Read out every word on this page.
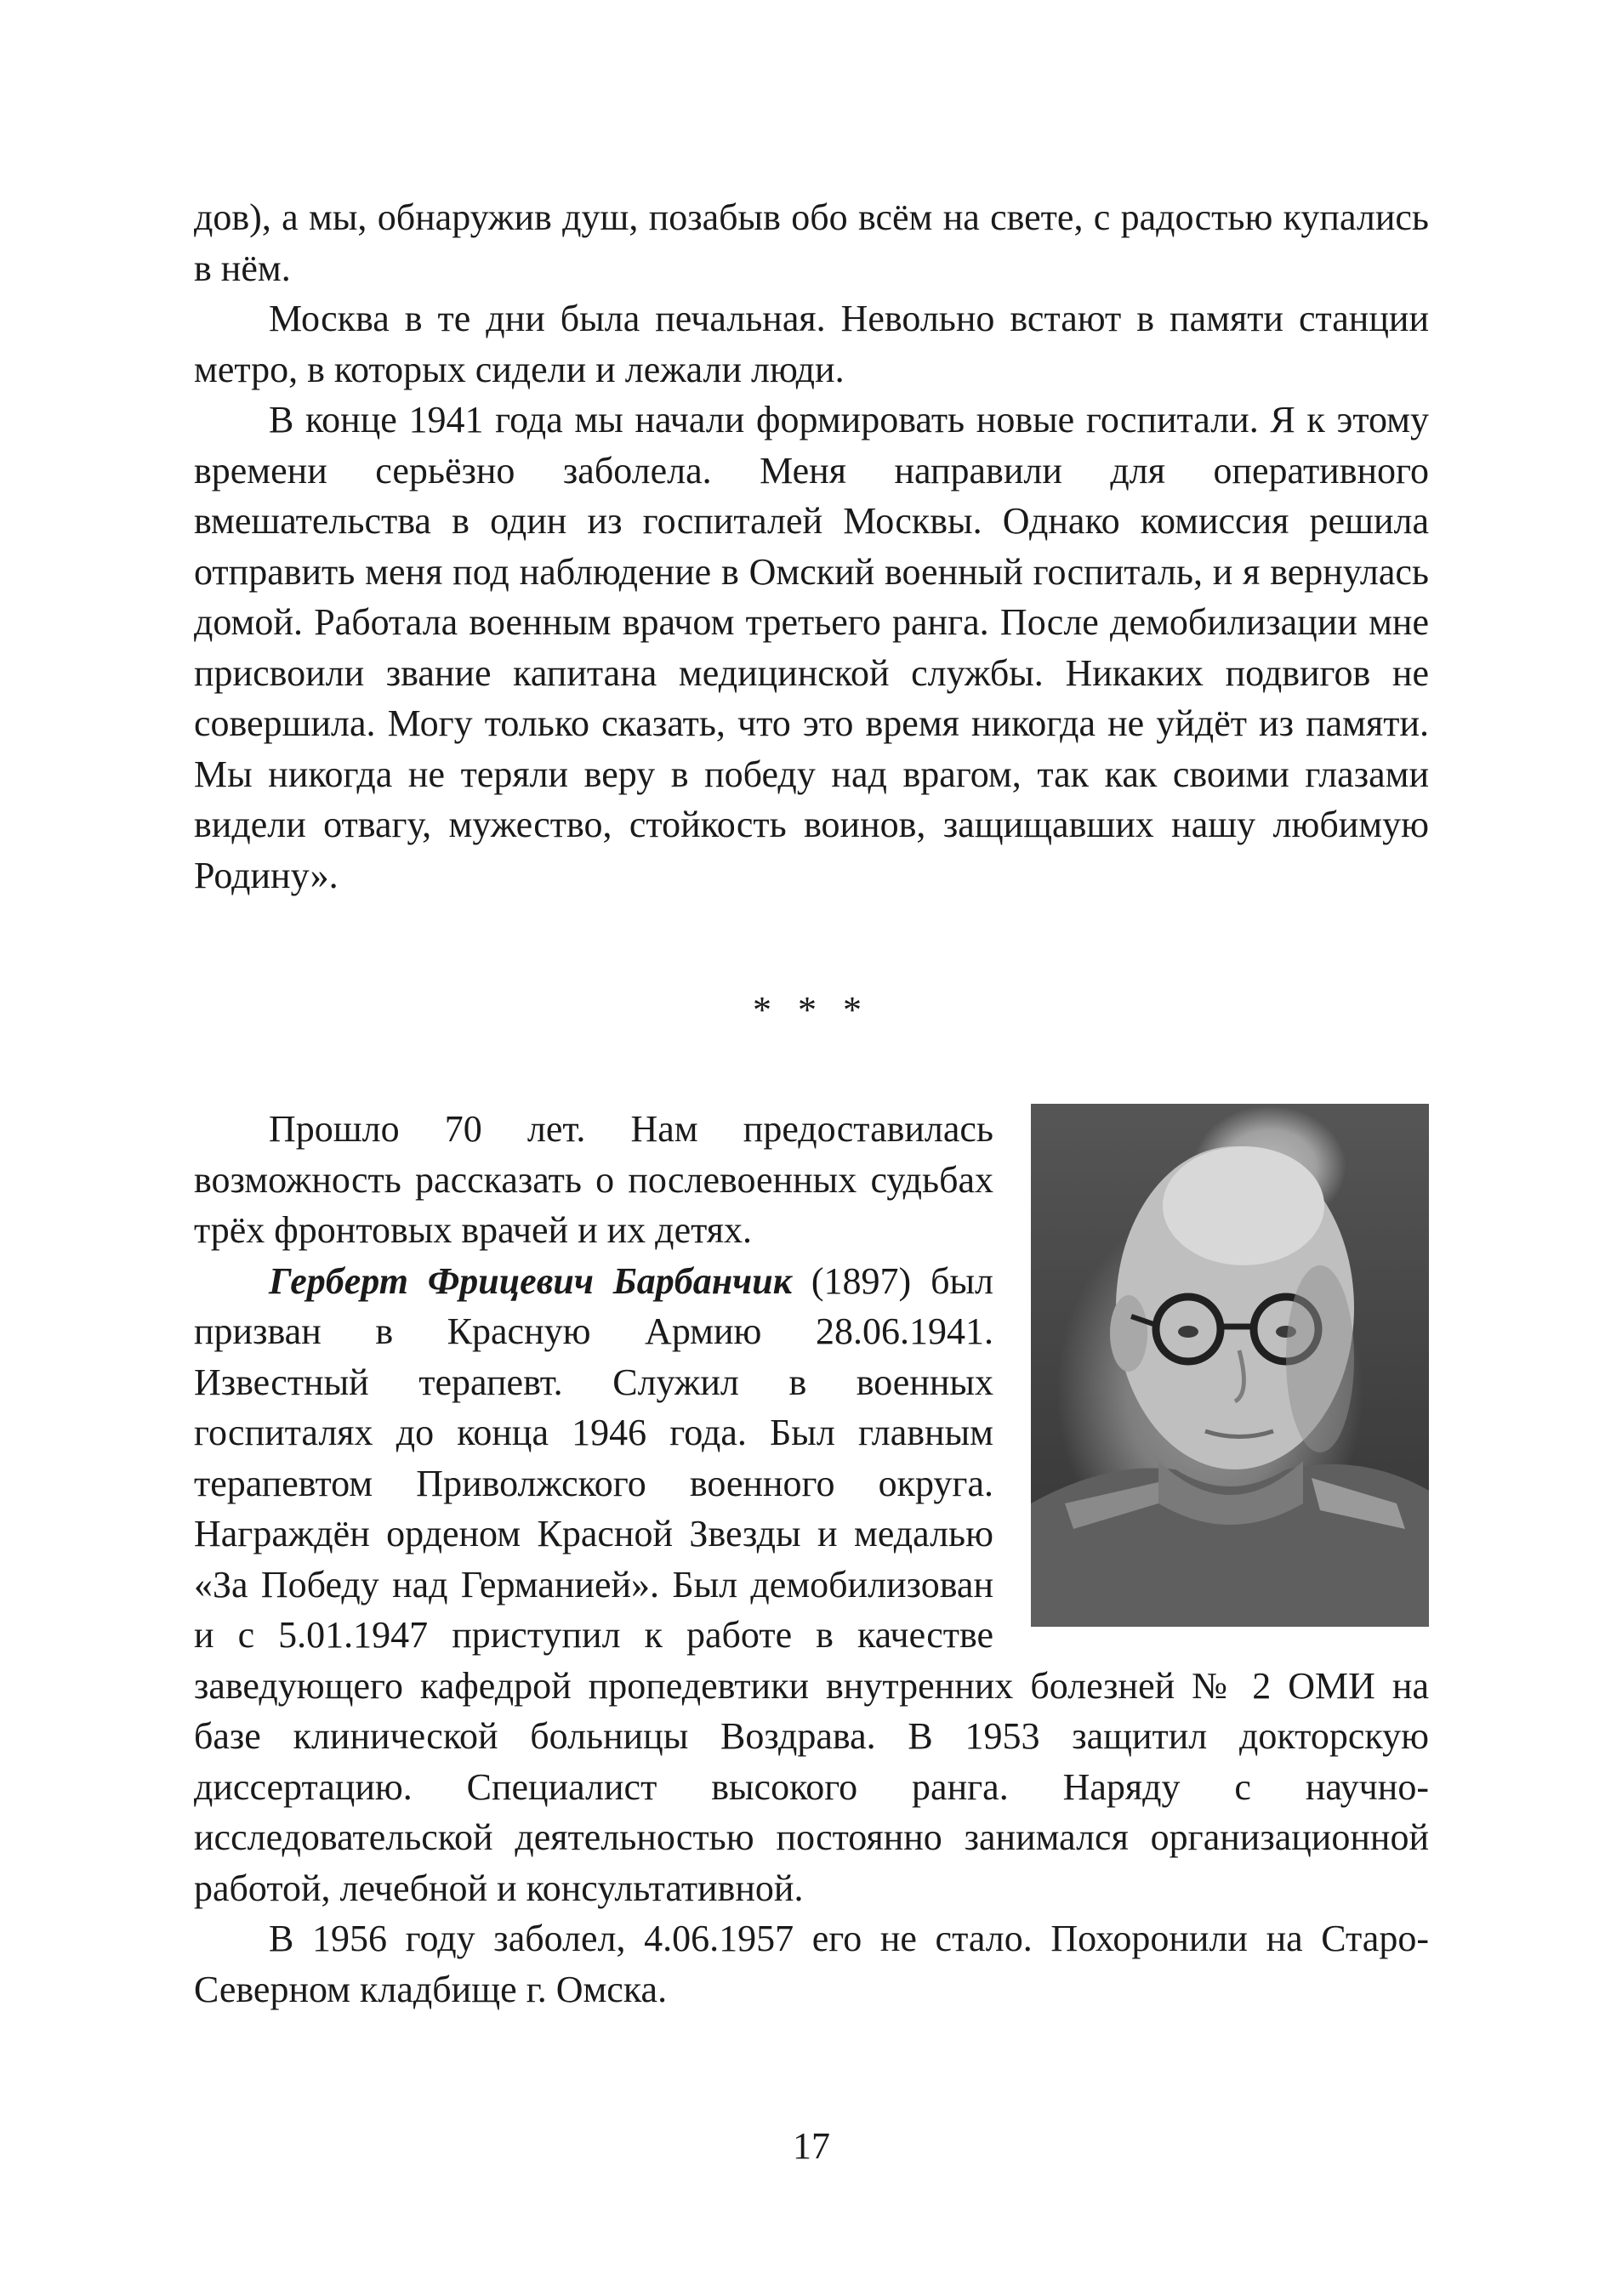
дов), а мы, обнаружив душ, позабыв обо всём на свете, с радостью купались в нём.

Москва в те дни была печальная. Невольно встают в памяти станции метро, в которых сидели и лежали люди.

В конце 1941 года мы начали формировать новые госпитали. Я к этому времени серьёзно заболела. Меня направили для оперативного вмешательства в один из госпиталей Москвы. Однако комиссия решила отправить меня под наблюдение в Омский военный госпиталь, и я вернулась домой. Работала военным врачом третьего ранга. После демобилизации мне присвоили звание капитана медицинской службы. Никаких подвигов не совершила. Могу только сказать, что это время никогда не уйдёт из памяти. Мы никогда не теряли веру в победу над врагом, так как своими глазами видели отвагу, мужество, стойкость воинов, защищавших нашу любимую Родину».

* * *

Прошло 70 лет. Нам предоставилась возможность рассказать о послевоенных судьбах трёх фронтовых врачей и их детях.

Герберт Фрицевич Барбанчик (1897) был призван в Красную Армию 28.06.1941. Известный терапевт. Служил в военных госпиталях до конца 1946 года. Был главным терапевтом Приволжского военного округа. Награждён орденом Красной Звезды и медалью «За Победу над Германией». Был демобилизован и с 5.01.1947 приступил к работе в качестве заведующего кафедрой пропедевтики внутренних болезней № 2 ОМИ на базе клинической больницы Воздрава. В 1953 защитил докторскую диссертацию. Специалист высокого ранга. Наряду с научно-исследовательской деятельностью постоянно занимался организационной работой, лечебной и консультативной.

В 1956 году заболел, 4.06.1957 его не стало. Похоронили на Старо-Северном кладбище г. Омска.

17
